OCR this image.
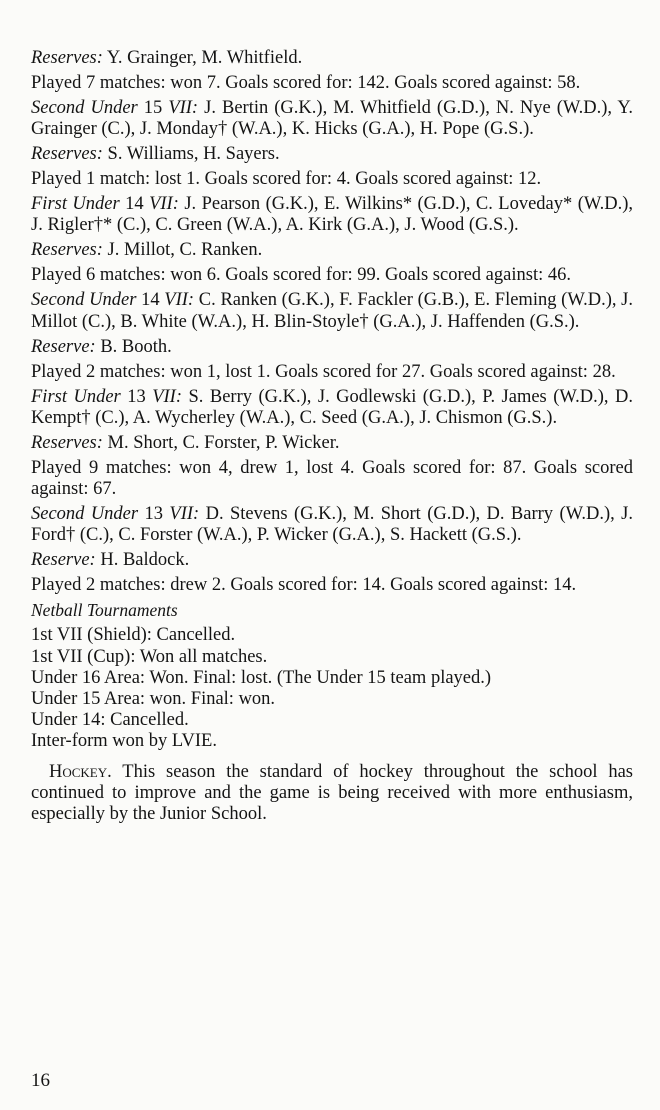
Reserves: Y. Grainger, M. Whitfield.

Played 7 matches: won 7. Goals scored for: 142. Goals scored against: 58.

Second Under 15 VII: J. Bertin (G.K.), M. Whitfield (G.D.), N. Nye (W.D.), Y. Grainger (C.), J. Monday† (W.A.), K. Hicks (G.A.), H. Pope (G.S.).

Reserves: S. Williams, H. Sayers.

Played 1 match: lost 1. Goals scored for: 4. Goals scored against: 12.

First Under 14 VII: J. Pearson (G.K.), E. Wilkins* (G.D.), C. Loveday* (W.D.), J. Rigler†* (C.), C. Green (W.A.), A. Kirk (G.A.), J. Wood (G.S.).

Reserves: J. Millot, C. Ranken.

Played 6 matches: won 6. Goals scored for: 99. Goals scored against: 46.

Second Under 14 VII: C. Ranken (G.K.), F. Fackler (G.B.), E. Fleming (W.D.), J. Millot (C.), B. White (W.A.), H. Blin-Stoyle† (G.A.), J. Haffenden (G.S.).

Reserve: B. Booth.

Played 2 matches: won 1, lost 1. Goals scored for 27. Goals scored against: 28.

First Under 13 VII: S. Berry (G.K.), J. Godlewski (G.D.), P. James (W.D.), D. Kempt† (C.), A. Wycherley (W.A.), C. Seed (G.A.), J. Chismon (G.S.).

Reserves: M. Short, C. Forster, P. Wicker.

Played 9 matches: won 4, drew 1, lost 4. Goals scored for: 87. Goals scored against: 67.

Second Under 13 VII: D. Stevens (G.K.), M. Short (G.D.), D. Barry (W.D.), J. Ford† (C.), C. Forster (W.A.), P. Wicker (G.A.), S. Hackett (G.S.).

Reserve: H. Baldock.

Played 2 matches: drew 2. Goals scored for: 14. Goals scored against: 14.

Netball Tournaments
1st VII (Shield): Cancelled.
1st VII (Cup): Won all matches.
Under 16 Area: Won. Final: lost. (The Under 15 team played.)
Under 15 Area: won. Final: won.
Under 14: Cancelled.
Inter-form won by LVIE.

Hockey. This season the standard of hockey throughout the school has continued to improve and the game is being received with more enthusiasm, especially by the Junior School.

16
